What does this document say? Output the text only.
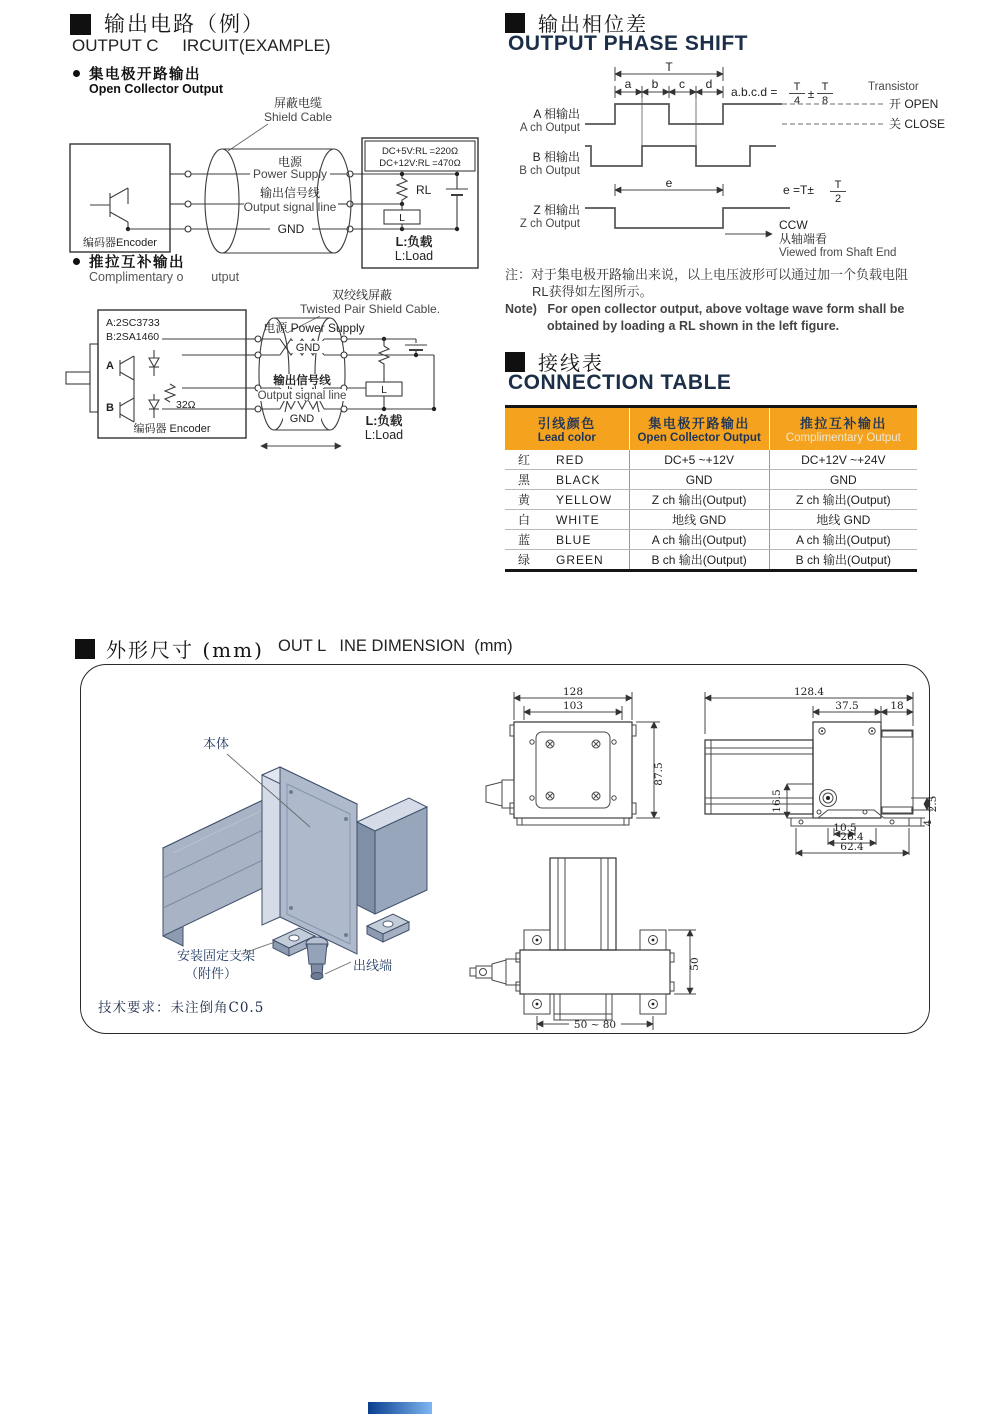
输出电路（例）
OUTPUT C     IRCUIT(EXAMPLE)
集电极开路输出
Open Collector Output
屏蔽电缆
Shield Cable
编码器Encoder
电源
Power Supply
输出信号线
Output signal line
GND
DC+5V:RL =220Ω
DC+12V:RL =470Ω
RL
L
L:负载
L:Load
推拉互补输出
Complimentary o        utput
双绞线屏蔽
Twisted Pair Shield Cable.
电源 Power Supply
A:2SC3733
B:2SA1460
A
B	32Ω
编码器 Encoder
GND
输出信号线
Output signal line
GND
L
L:负载
L:Load
输出相位差
OUTPUT PHASE SHIFT
T
a b c d
a.b.c.d = T
4 ± T
8
Transistor
开 OPEN
关 CLOSE
A 相输出
A ch Output
B 相输出
B ch Output
e	e =T± T
2
Z 相输出
Z ch Output	CCW
从轴端看
Viewed from Shaft End
注：对于集电极开路输出来说，以上电压波形可以通过加一个负载电阻
RL获得如左图所示。
Note)   For open collector output, above voltage wave form shall be
obtained by loading a RL shown in the left figure.
接线表
CONNECTION TABLE
引线颜色
Lead color
集电极开路输出
Open Collector Output
推拉互补输出
Complimentary Output
红	RED	DC+5 ~+12V	DC+12V ~+24V
黑	BLACK	GND	GND
黄	YELLOW	Z ch 输出(Output)	Z ch 输出(Output)
白	WHITE	地线 GND	地线 GND
蓝	BLUE	A ch 输出(Output)	A ch 输出(Output)
绿	GREEN	B ch 输出(Output)	B ch 输出(Output)
外形尺寸 (mm) OUT L   INE DIMENSION  (mm)
本体
安装固定支架
（附件）
出线端
技术要求：未注倒角C0.5
128
103
87.5
128.4
37.5	18
16.5	2.5
4
10.5
26.4
62.4
50
50 ~ 80
